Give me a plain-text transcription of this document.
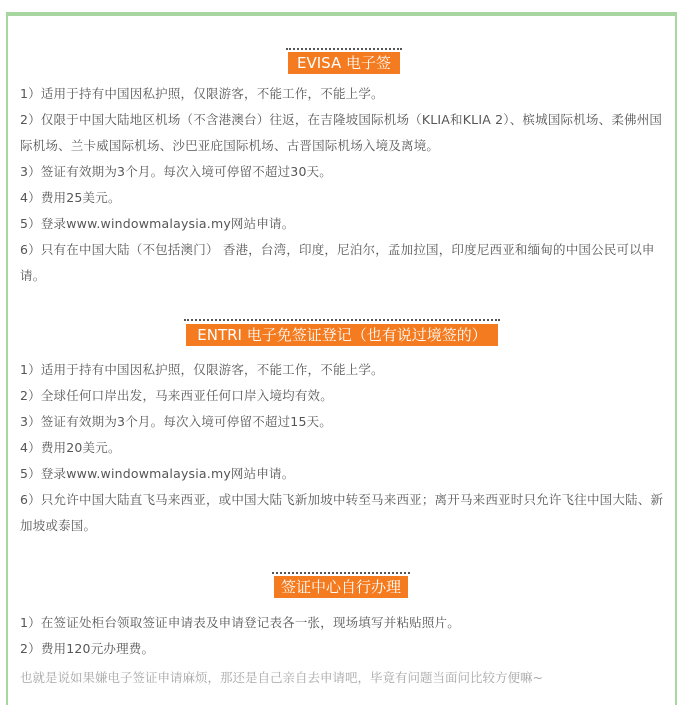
EVISA 电子签
1）适用于持有中国因私护照，仅限游客，不能工作，不能上学。
2）仅限于中国大陆地区机场（不含港澳台）往返，在吉隆坡国际机场（KLIA和KLIA 2）、槟城国际机场、柔佛州国际机场、兰卡威国际机场、沙巴亚庇国际机场、古晋国际机场入境及离境。
3）签证有效期为3个月。每次入境可停留不超过30天。
4）费用25美元。
5）登录www.windowmalaysia.my网站申请。
6）只有在中国大陆（不包括澳门） 香港，台湾，印度，尼泊尔，孟加拉国，印度尼西亚和缅甸的中国公民可以申请。
ENTRI 电子免签证登记（也有说过境签的）
1）适用于持有中国因私护照，仅限游客，不能工作，不能上学。
2）全球任何口岸出发，马来西亚任何口岸入境均有效。
3）签证有效期为3个月。每次入境可停留不超过15天。
4）费用20美元。
5）登录www.windowmalaysia.my网站申请。
6）只允许中国大陆直飞马来西亚，或中国大陆飞新加坡中转至马来西亚；离开马来西亚时只允许飞往中国大陆、新加坡或泰国。
签证中心自行办理
1）在签证处柜台领取签证申请表及申请登记表各一张，现场填写并粘贴照片。
2）费用120元办理费。
也就是说如果嫌电子签证申请麻烦，那还是自己亲自去申请吧，毕竟有问题当面问比较方便嘛~
